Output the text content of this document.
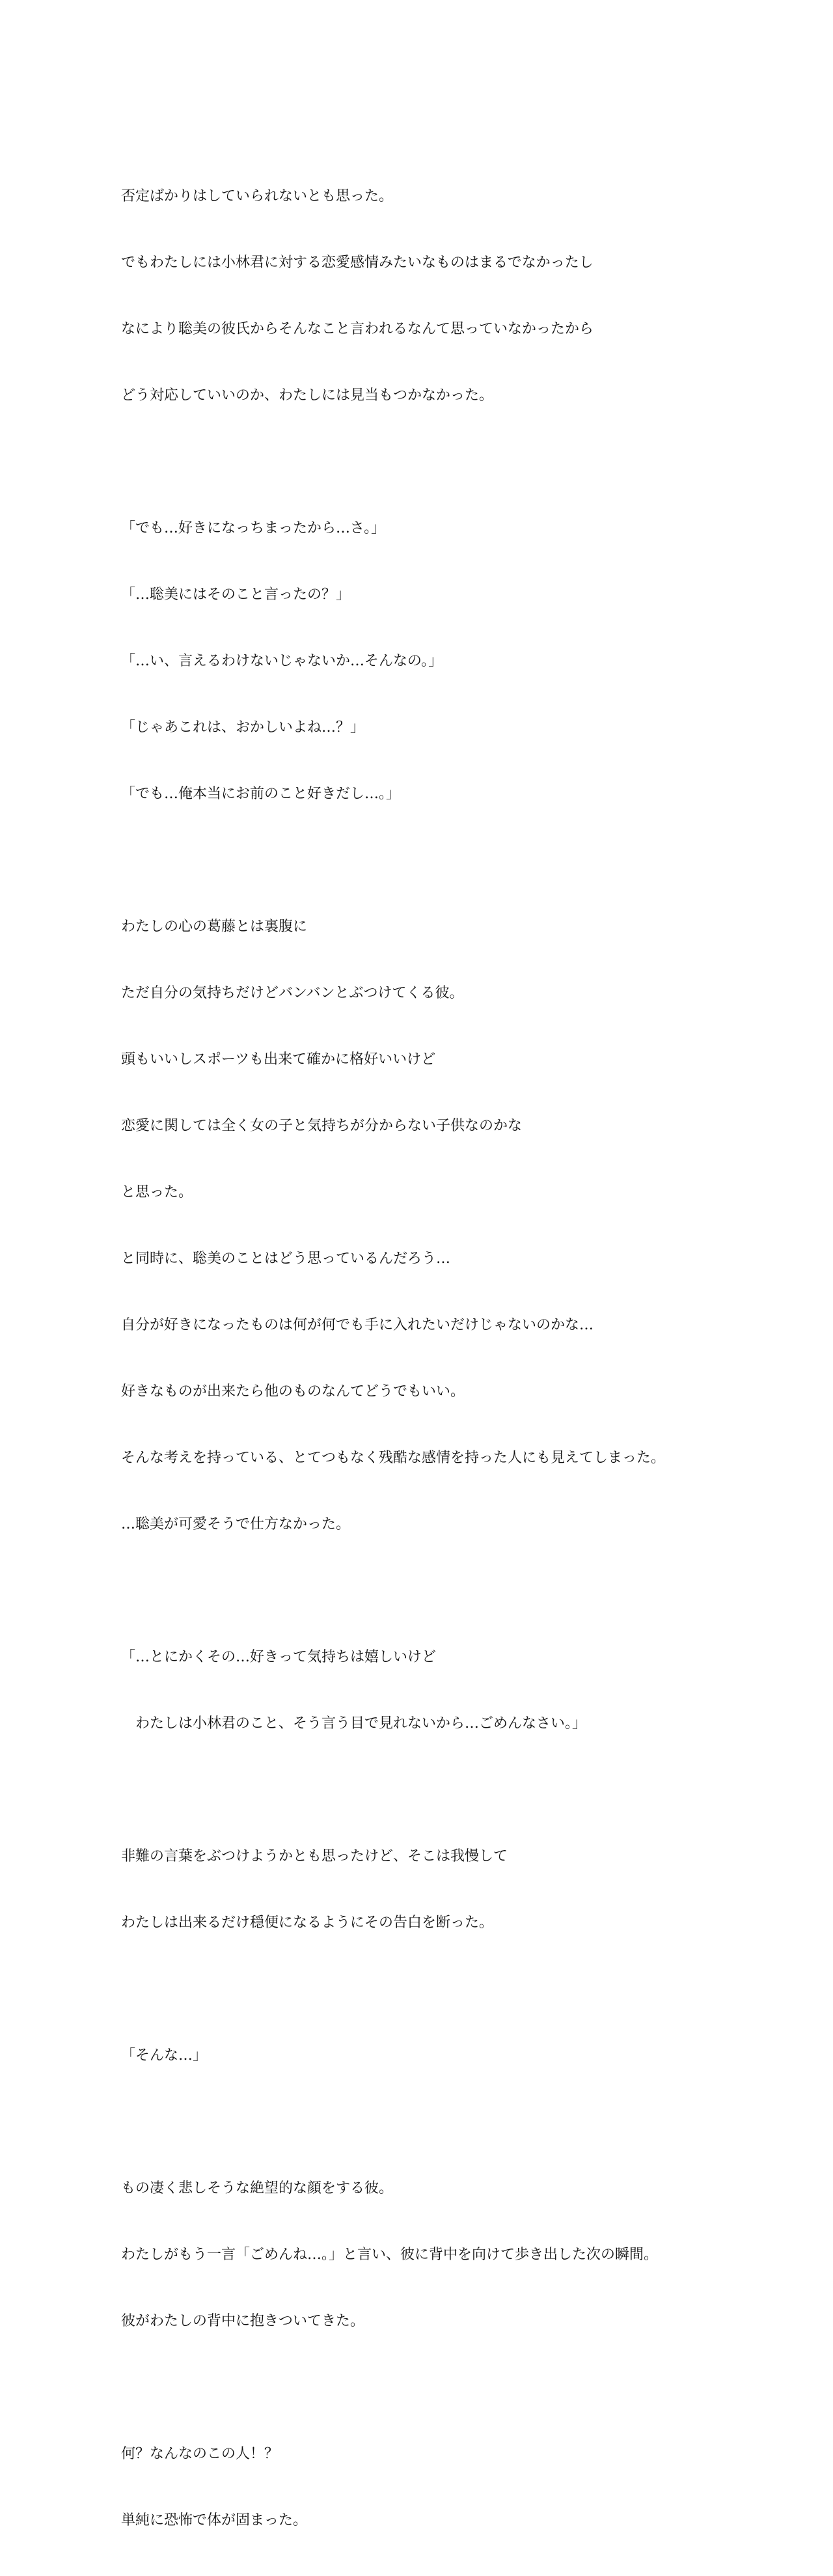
否定ばかりはしていられないとも思った。

でもわたしには小林君に対する恋愛感情みたいなものはまるでなかったし

なにより聡美の彼氏からそんなこと言われるなんて思っていなかったから

どう対応していいのか、わたしには見当もつかなかった。

「でも…好きになっちまったから…さ。」

「…聡美にはそのこと言ったの？」

「…い、言えるわけないじゃないか…そんなの。」

「じゃあこれは、おかしいよね…？」

「でも…俺本当にお前のこと好きだし…。」

わたしの心の葛藤とは裏腹に

ただ自分の気持ちだけどバンバンとぶつけてくる彼。

頭もいいしスポーツも出来て確かに格好いいけど

恋愛に関しては全く女の子と気持ちが分からない子供なのかな

と思った。

と同時に、聡美のことはどう思っているんだろう…

自分が好きになったものは何が何でも手に入れたいだけじゃないのかな…

好きなものが出来たら他のものなんてどうでもいい。

そんな考えを持っている、とてつもなく残酷な感情を持った人にも見えてしまった。

…聡美が可愛そうで仕方なかった。

「…とにかくその…好きって気持ちは嬉しいけど

　わたしは小林君のこと、そう言う目で見れないから…ごめんなさい。」

非難の言葉をぶつけようかとも思ったけど、そこは我慢して

わたしは出来るだけ穏便になるようにその告白を断った。

「そんな…」

もの凄く悲しそうな絶望的な顔をする彼。

わたしがもう一言「ごめんね…。」と言い、彼に背中を向けて歩き出した次の瞬間。

彼がわたしの背中に抱きついてきた。

何？なんなのこの人！？

単純に恐怖で体が固まった。
